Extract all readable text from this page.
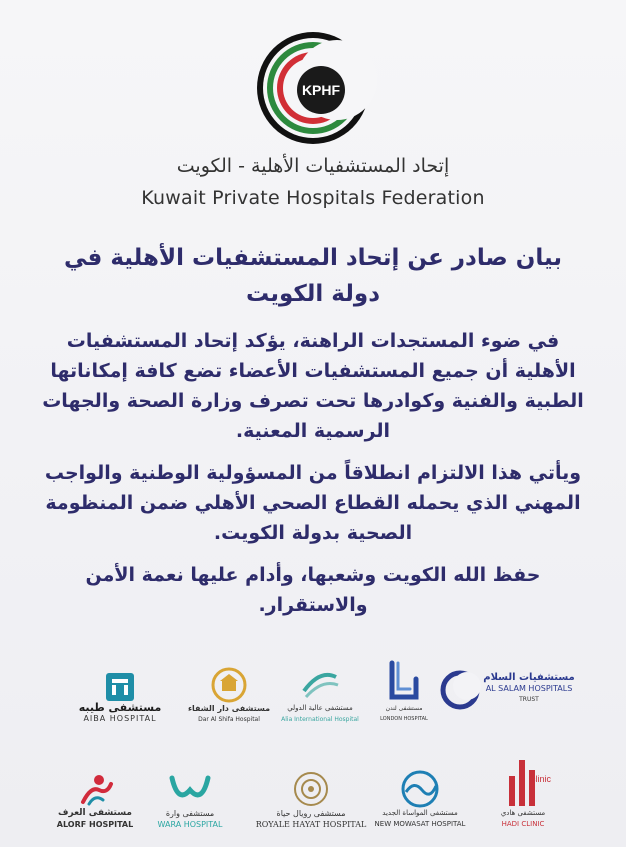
KPHF
إتحاد المستشفيات الأهلية - الكويت
Kuwait Private Hospitals Federation
بيان صادر عن إتحاد المستشفيات الأهلية في دولة الكويت

في ضوء المستجدات الراهنة، يؤكد إتحاد المستشفيات الأهلية أن جميع المستشفيات الأعضاء تضع كافة إمكاناتها الطبية والفنية وكوادرها تحت تصرف وزارة الصحة والجهات الرسمية المعنية.

ويأتي هذا الالتزام انطلاقاً من المسؤولية الوطنية والواجب المهني الذي يحمله القطاع الصحي الأهلي ضمن المنظومة الصحية بدولة الكويت.

حفظ الله الكويت وشعبها، وأدام عليها نعمة الأمن والاستقرار.

مستشفيات السلام
AL SALAM HOSPITALS
TRUST
مستشفى لندن
LONDON HOSPITAL
مستشفى عالية الدولي
Alia International Hospital
مستشفى دار الشفاء
Dar Al Shifa Hospital
مستشفى طيبه
AIBA HOSPITAL
clinic
مستشفى هادي
HADI CLINIC
مستشفى المواساة الجديد
NEW MOWASAT HOSPITAL
مستشفى رويال حياة
ROYALE HAYAT HOSPITAL
مستشفى وارة
WARA HOSPITAL
مستشفى العرف
ALORF HOSPITAL
